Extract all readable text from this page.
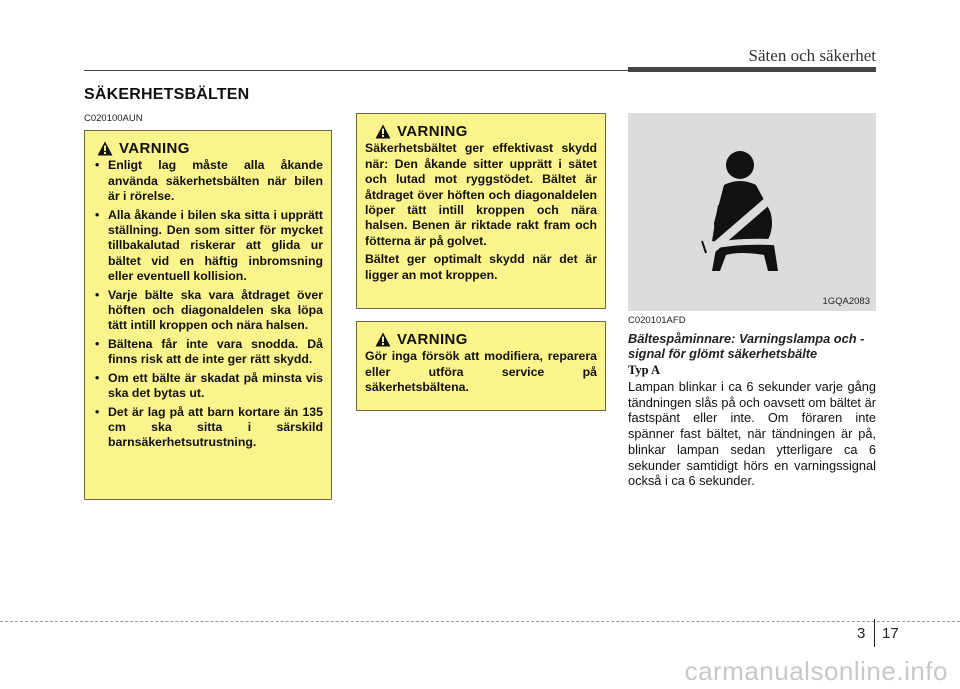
Säten och säkerhet
SÄKERHETSBÄLTEN
C020100AUN
VARNING
• Enligt lag måste alla åkande använda säkerhetsbälten när bilen är i rörelse.
• Alla åkande i bilen ska sitta i upprätt ställning. Den som sitter för mycket tillbakalutad riskerar att glida ur bältet vid en häftig inbromsning eller eventuell kollision.
• Varje bälte ska vara åtdraget över höften och diagonaldelen ska löpa tätt intill kroppen och nära halsen.
• Bältena får inte vara snodda. Då finns risk att de inte ger rätt skydd.
• Om ett bälte är skadat på minsta vis ska det bytas ut.
• Det är lag på att barn kortare än 135 cm ska sitta i särskild barnsäkerhetsutrustning.
VARNING

Säkerhetsbältet ger effektivast skydd när: Den åkande sitter upprätt i sätet och lutad mot ryggstödet. Bältet är åtdraget över höften och diagonaldelen löper tätt intill kroppen och nära halsen. Benen är riktade rakt fram och fötterna är på golvet.

Bältet ger optimalt skydd när det är ligger an mot kroppen.

VARNING

Gör inga försök att modifiera, reparera eller utföra service på säkerhetsbältena.

1GQA2083
C020101AFD
Bältespåminnare: Varningslampa och -signal för glömt säkerhetsbälte
Typ A
Lampan blinkar i ca 6 sekunder varje gång tändningen slås på och oavsett om bältet är fastspänt eller inte. Om föraren inte spänner fast bältet, när tändningen är på, blinkar lampan sedan ytterligare ca 6 sekunder samtidigt hörs en varningssignal också i ca 6 sekunder.
3 17
carmanualsonline.info
